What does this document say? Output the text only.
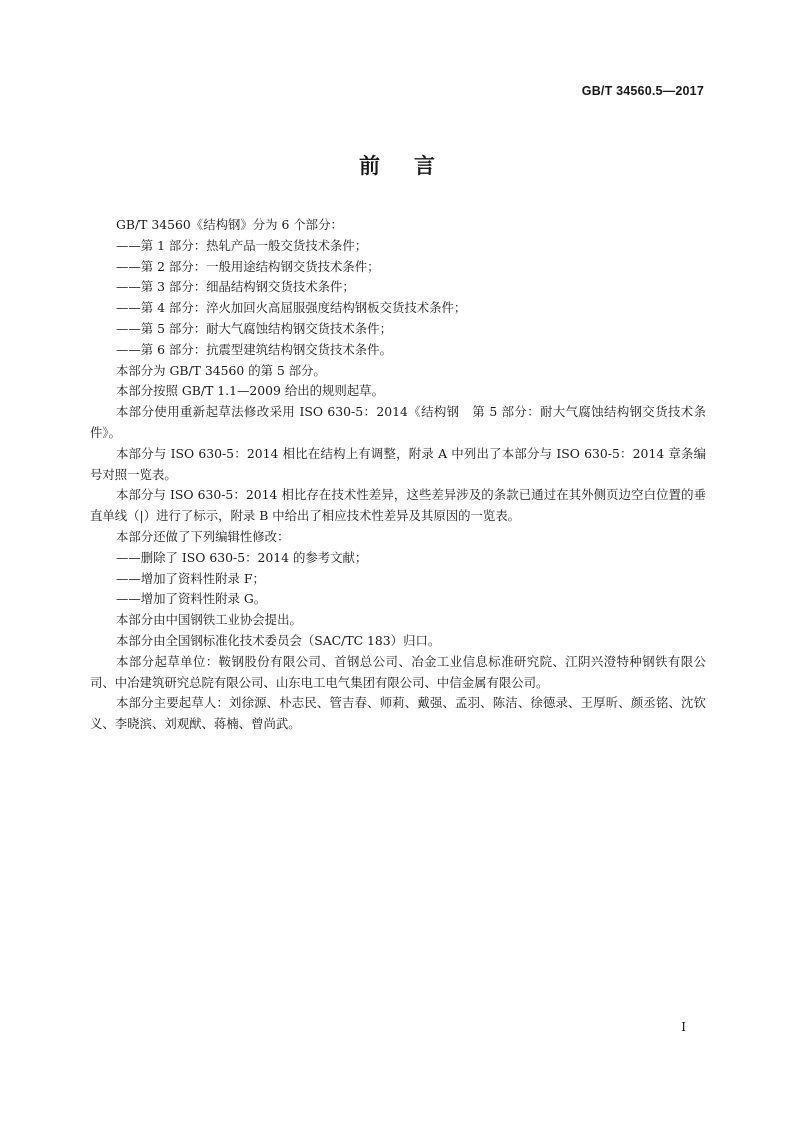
GB/T 34560.5—2017
前言

GB/T 34560《结构钢》分为 6 个部分：

——第 1 部分：热轧产品一般交货技术条件；

——第 2 部分：一般用途结构钢交货技术条件；

——第 3 部分：细晶结构钢交货技术条件；

——第 4 部分：淬火加回火高屈服强度结构钢板交货技术条件；

——第 5 部分：耐大气腐蚀结构钢交货技术条件；

——第 6 部分：抗震型建筑结构钢交货技术条件。

本部分为 GB/T 34560 的第 5 部分。

本部分按照 GB/T 1.1—2009 给出的规则起草。

本部分使用重新起草法修改采用 ISO 630-5：2014《结构钢　第 5 部分：耐大气腐蚀结构钢交货技术条件》。

本部分与 ISO 630-5：2014 相比在结构上有调整，附录 A 中列出了本部分与 ISO 630-5：2014 章条编号对照一览表。

本部分与 ISO 630-5：2014 相比存在技术性差异，这些差异涉及的条款已通过在其外侧页边空白位置的垂直单线（|）进行了标示，附录 B 中给出了相应技术性差异及其原因的一览表。

本部分还做了下列编辑性修改：

——删除了 ISO 630-5：2014 的参考文献；

——增加了资料性附录 F；

——增加了资料性附录 G。

本部分由中国钢铁工业协会提出。

本部分由全国钢标准化技术委员会（SAC/TC 183）归口。

本部分起草单位：鞍钢股份有限公司、首钢总公司、冶金工业信息标准研究院、江阴兴澄特种钢铁有限公司、中冶建筑研究总院有限公司、山东电工电气集团有限公司、中信金属有限公司。

本部分主要起草人：刘徐源、朴志民、管吉春、师莉、戴强、孟羽、陈洁、徐德录、王厚昕、颜丞铭、沈钦义、李晓滨、刘观猷、蒋楠、曾尚武。

I
